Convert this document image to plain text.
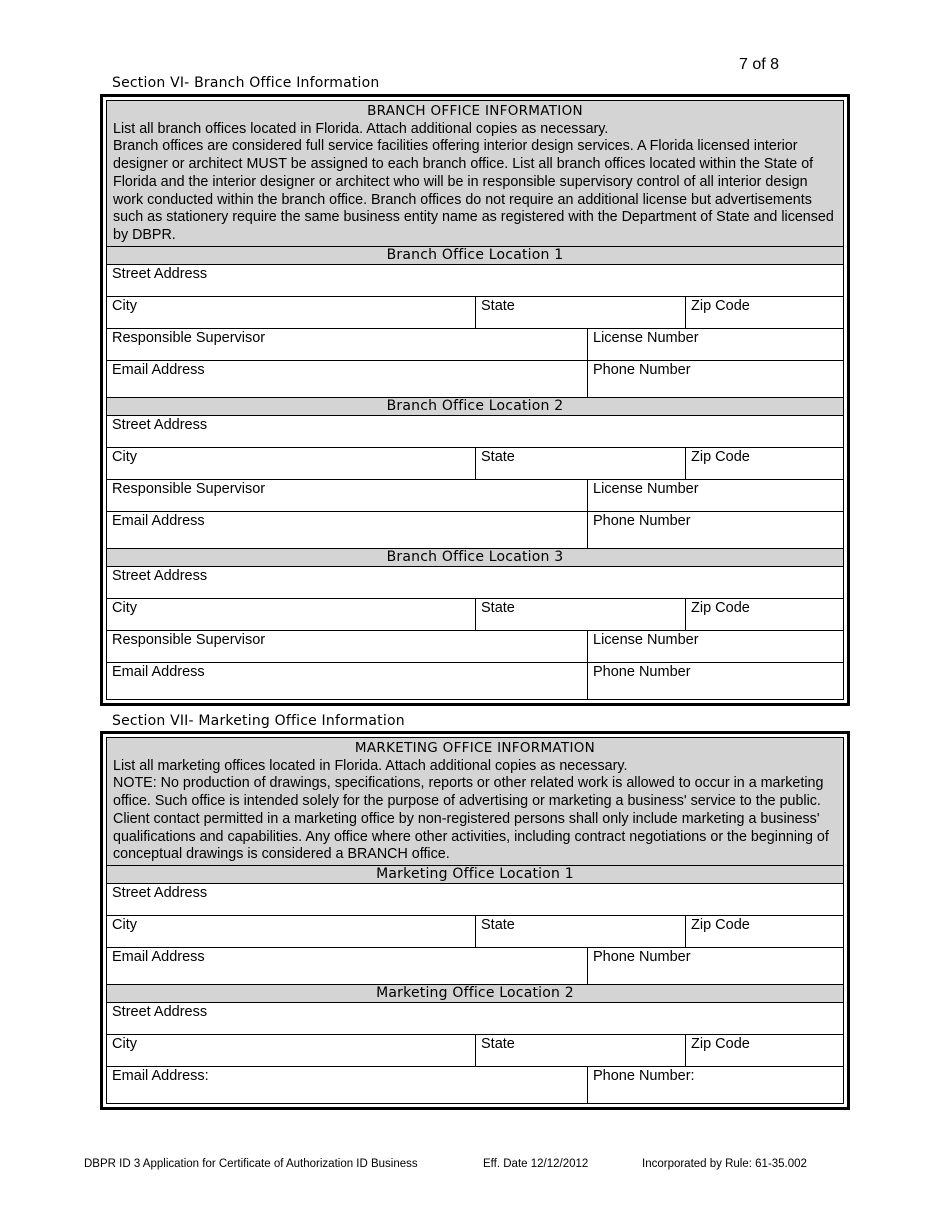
7 of 8
Section VI- Branch Office Information
BRANCH OFFICE INFORMATION

List all branch offices located in Florida. Attach additional copies as necessary.

Branch offices are considered full service facilities offering interior design services. A Florida licensed interior designer or architect MUST be assigned to each branch office. List all branch offices located within the State of Florida and the interior designer or architect who will be in responsible supervisory control of all interior design work conducted within the branch office. Branch offices do not require an additional license but advertisements such as stationery require the same business entity name as registered with the Department of State and licensed by DBPR.

Branch Office Location 1
Street Address
City	State	Zip Code
Responsible Supervisor	License Number
Email Address	Phone Number
Branch Office Location 2
Street Address
City	State	Zip Code
Responsible Supervisor	License Number
Email Address	Phone Number
Branch Office Location 3
Street Address
City	State	Zip Code
Responsible Supervisor	License Number
Email Address	Phone Number
Section VII- Marketing Office Information
MARKETING OFFICE INFORMATION

List all marketing offices located in Florida. Attach additional copies as necessary.

NOTE: No production of drawings, specifications, reports or other related work is allowed to occur in a marketing office. Such office is intended solely for the purpose of advertising or marketing a business' service to the public. Client contact permitted in a marketing office by non-registered persons shall only include marketing a business' qualifications and capabilities. Any office where other activities, including contract negotiations or the beginning of conceptual drawings is considered a BRANCH office.

Marketing Office Location 1
Street Address
City	State	Zip Code
Email Address	Phone Number
Marketing Office Location 2
Street Address
City	State	Zip Code
Email Address:	Phone Number:
DBPR ID 3 Application for Certificate of Authorization ID Business	Eff. Date 12/12/2012	Incorporated by Rule: 61-35.002
